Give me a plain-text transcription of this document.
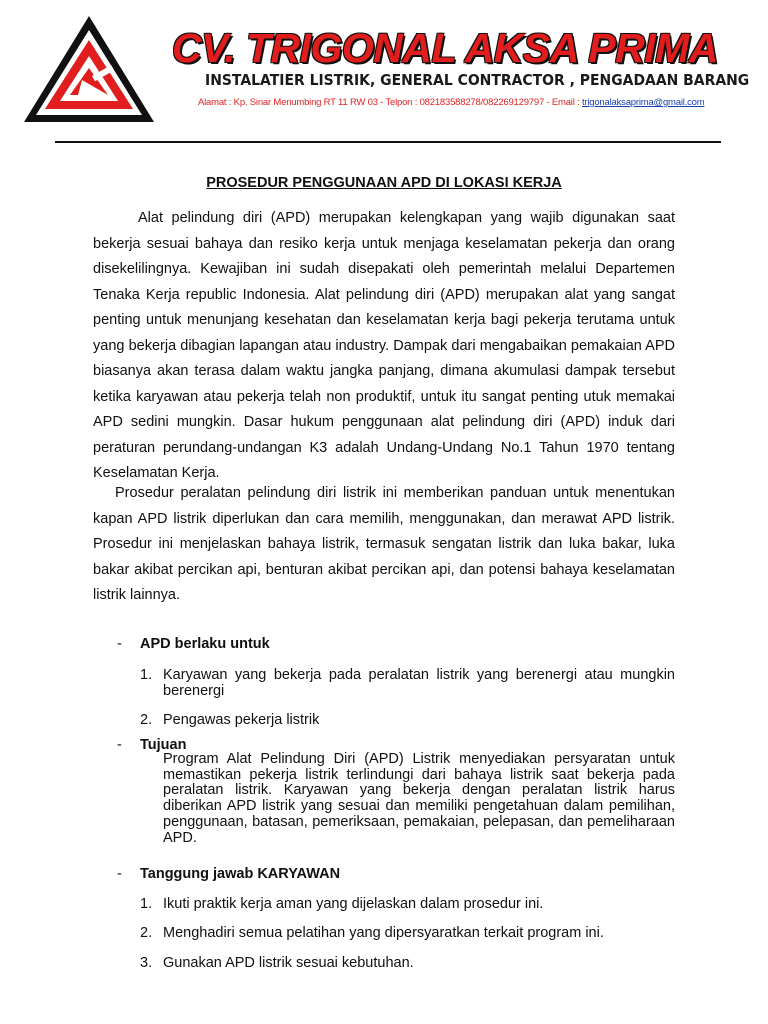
CV. TRIGONAL AKSA PRIMA

INSTALATIER LISTRIK, GENERAL CONTRACTOR , PENGADAAN BARANG

Alamat : Kp. Sinar Menumbing RT 11 RW 03 - Telpon : 082183588278/082269129797 - Email : trigonalaksaprima@gmail.com

PROSEDUR PENGGUNAAN APD DI LOKASI KERJA

Alat pelindung diri (APD) merupakan kelengkapan yang wajib digunakan saat bekerja sesuai bahaya dan resiko kerja untuk menjaga keselamatan pekerja dan orang disekelilingnya. Kewajiban ini sudah disepakati oleh pemerintah melalui Departemen Tenaka Kerja republic Indonesia. Alat pelindung diri (APD) merupakan alat yang sangat penting untuk menunjang kesehatan dan keselamatan kerja bagi pekerja terutama untuk yang bekerja dibagian lapangan atau industry. Dampak dari mengabaikan pemakaian APD biasanya akan terasa dalam waktu jangka panjang, dimana akumulasi dampak tersebut ketika karyawan atau pekerja telah non produktif, untuk itu sangat penting utuk memakai APD sedini mungkin. Dasar hukum penggunaan alat pelindung diri (APD) induk dari peraturan perundang-undangan K3 adalah Undang-Undang No.1 Tahun 1970 tentang Keselamatan Kerja.

Prosedur peralatan pelindung diri listrik ini memberikan panduan untuk menentukan kapan APD listrik diperlukan dan cara memilih, menggunakan, dan merawat APD listrik. Prosedur ini menjelaskan bahaya listrik, termasuk sengatan listrik dan luka bakar, luka bakar akibat percikan api, benturan akibat percikan api, dan potensi bahaya keselamatan listrik lainnya.

- APD berlaku untuk
1. Karyawan yang bekerja pada peralatan listrik yang berenergi atau mungkin berenergi
2. Pengawas pekerja listrik
- Tujuan

Program Alat Pelindung Diri (APD) Listrik menyediakan persyaratan untuk memastikan pekerja listrik terlindungi dari bahaya listrik saat bekerja pada peralatan listrik. Karyawan yang bekerja dengan peralatan listrik harus diberikan APD listrik yang sesuai dan memiliki pengetahuan dalam pemilihan, penggunaan, batasan, pemeriksaan, pemakaian, pelepasan, dan pemeliharaan APD.

- Tanggung jawab KARYAWAN
1. Ikuti praktik kerja aman yang dijelaskan dalam prosedur ini.
2. Menghadiri semua pelatihan yang dipersyaratkan terkait program ini.
3. Gunakan APD listrik sesuai kebutuhan.
